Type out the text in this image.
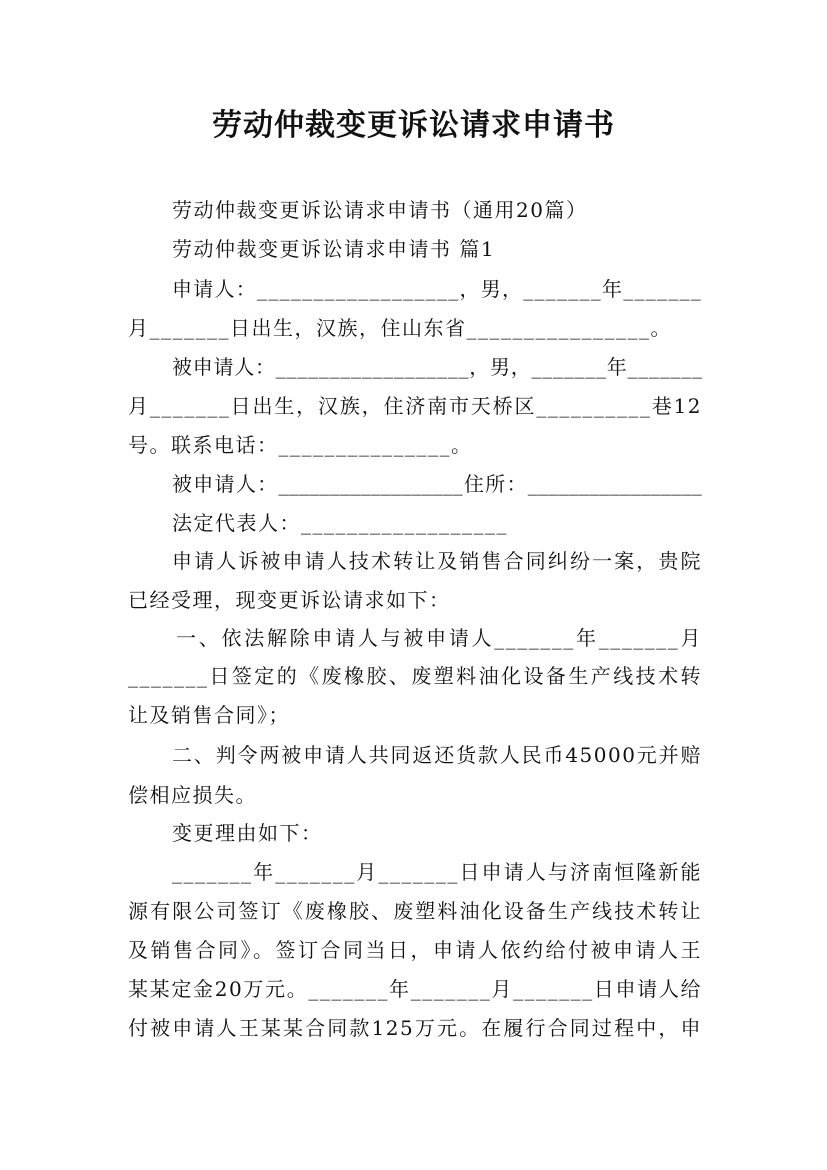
劳动仲裁变更诉讼请求申请书
劳动仲裁变更诉讼请求申请书（通用20篇）
劳动仲裁变更诉讼请求申请书 篇1
申请人：__________________，男，_______年_______
月_______日出生，汉族，住山东省________________。
被申请人：__________________，男，_______年_______
月_______日出生，汉族，住济南市天桥区__________巷12
号。联系电话：_______________。
被申请人：__________________住所：_________________
法定代表人：__________________
申请人诉被申请人技术转让及销售合同纠纷一案，贵院
已经受理，现变更诉讼请求如下：
一、依法解除申请人与被申请人_______年_______月
_______日签定的《废橡胶、废塑料油化设备生产线技术转
让及销售合同》；
二、判令两被申请人共同返还货款人民币45000元并赔
偿相应损失。
变更理由如下：
_______年_______月_______日申请人与济南恒隆新能
源有限公司签订《废橡胶、废塑料油化设备生产线技术转让
及销售合同》。签订合同当日，申请人依约给付被申请人王
某某定金20万元。_______年_______月_______日申请人给
付被申请人王某某合同款125万元。在履行合同过程中，申
